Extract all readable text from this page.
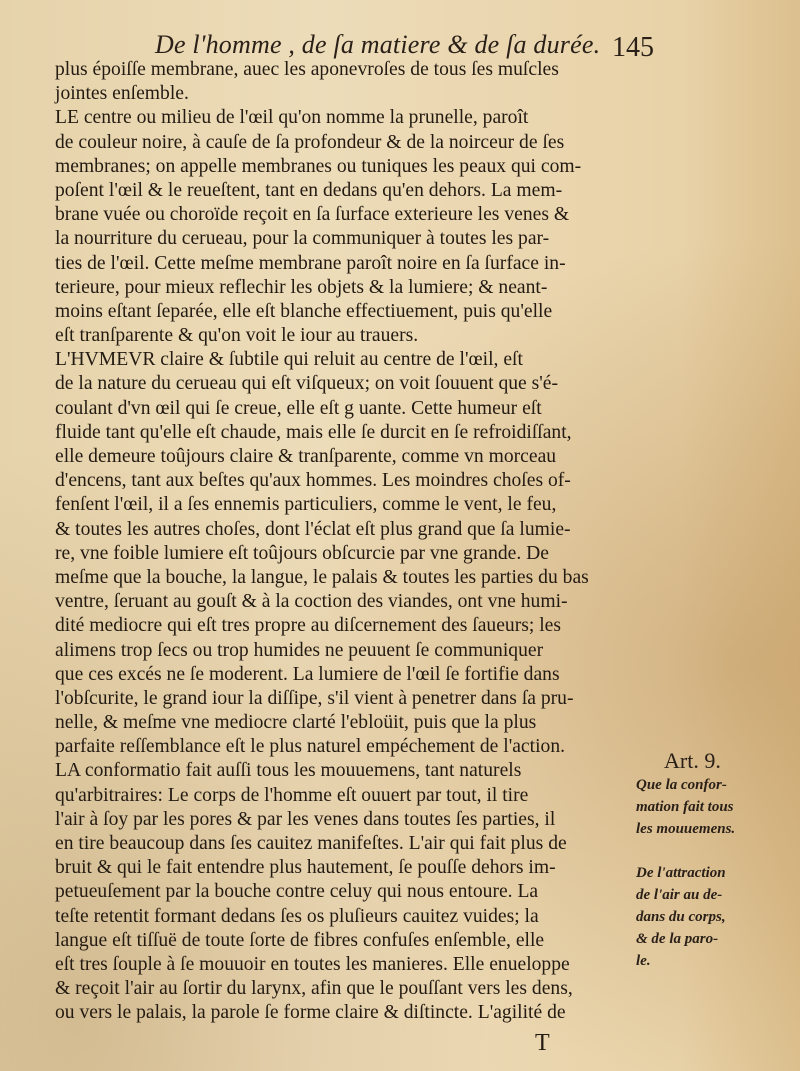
De l'homme , de ſa matiere & de ſa durée. 145
plus époiſſe membrane, auec les aponevroſes de tous ſes muſcles
jointes enſemble.
LE centre ou milieu de l'œil qu'on nomme la prunelle, paroît
de couleur noire, à cauſe de ſa profondeur & de la noirceur de ſes
membranes; on appelle membranes ou tuniques les peaux qui com-
poſent l'œil & le reueſtent, tant en dedans qu'en dehors. La mem-
brane vuée ou choroïde reçoit en ſa ſurface exterieure les venes &
la nourriture du cerueau, pour la communiquer à toutes les par-
ties de l'œil. Cette meſme membrane paroît noire en ſa ſurface in-
terieure, pour mieux reflechir les objets & la lumiere; & neant-
moins eſtant ſeparée, elle eſt blanche effectiuement, puis qu'elle
eſt tranſparente & qu'on voit le iour au trauers.
L'HVMEVR claire & ſubtile qui reluit au centre de l'œil, eſt
de la nature du cerueau qui eſt viſqueux; on voit ſouuent que s'é-
coulant d'vn œil qui ſe creue, elle eſt g uante. Cette humeur eſt
fluide tant qu'elle eſt chaude, mais elle ſe durcit en ſe refroidiſſant,
elle demeure toûjours claire & tranſparente, comme vn morceau
d'encens, tant aux beſtes qu'aux hommes. Les moindres choſes of-
fenſent l'œil, il a ſes ennemis particuliers, comme le vent, le feu,
& toutes les autres choſes, dont l'éclat eſt plus grand que ſa lumie-
re, vne foible lumiere eſt toûjours obſcurcie par vne grande. De
meſme que la bouche, la langue, le palais & toutes les parties du bas
ventre, ſeruant au gouſt & à la coction des viandes, ont vne humi-
dité mediocre qui eſt tres propre au diſcernement des ſaueurs; les
alimens trop ſecs ou trop humides ne peuuent ſe communiquer
que ces excés ne ſe moderent. La lumiere de l'œil ſe fortifie dans
l'obſcurite, le grand iour la diſſipe, s'il vient à penetrer dans ſa pru-
nelle, & meſme vne mediocre clarté l'ebloüit, puis que la plus
parfaite reſſemblance eſt le plus naturel empéchement de l'action.
LA conformatio fait auſſi tous les mouuemens, tant naturels
qu'arbitraires: Le corps de l'homme eſt ouuert par tout, il tire
l'air à ſoy par les pores & par les venes dans toutes ſes parties, il
en tire beaucoup dans ſes cauitez manifeſtes. L'air qui fait plus de
bruit & qui le fait entendre plus hautement, ſe pouſſe dehors im-
petueuſement par la bouche contre celuy qui nous entoure. La
teſte retentit formant dedans ſes os pluſieurs cauitez vuides; la
langue eſt tiſſuë de toute ſorte de fibres confuſes enſemble, elle
eſt tres ſouple à ſe mouuoir en toutes les manieres. Elle enueloppe
& reçoit l'air au ſortir du larynx, afin que le pouſſant vers les dens,
ou vers le palais, la parole ſe forme claire & diſtincte. L'agilité de
Art. 9.
Que la confor-
mation fait tous
les mouuemens.
De l'attraction
de l'air au de-
dans du corps,
& de la paro-
le.
T
